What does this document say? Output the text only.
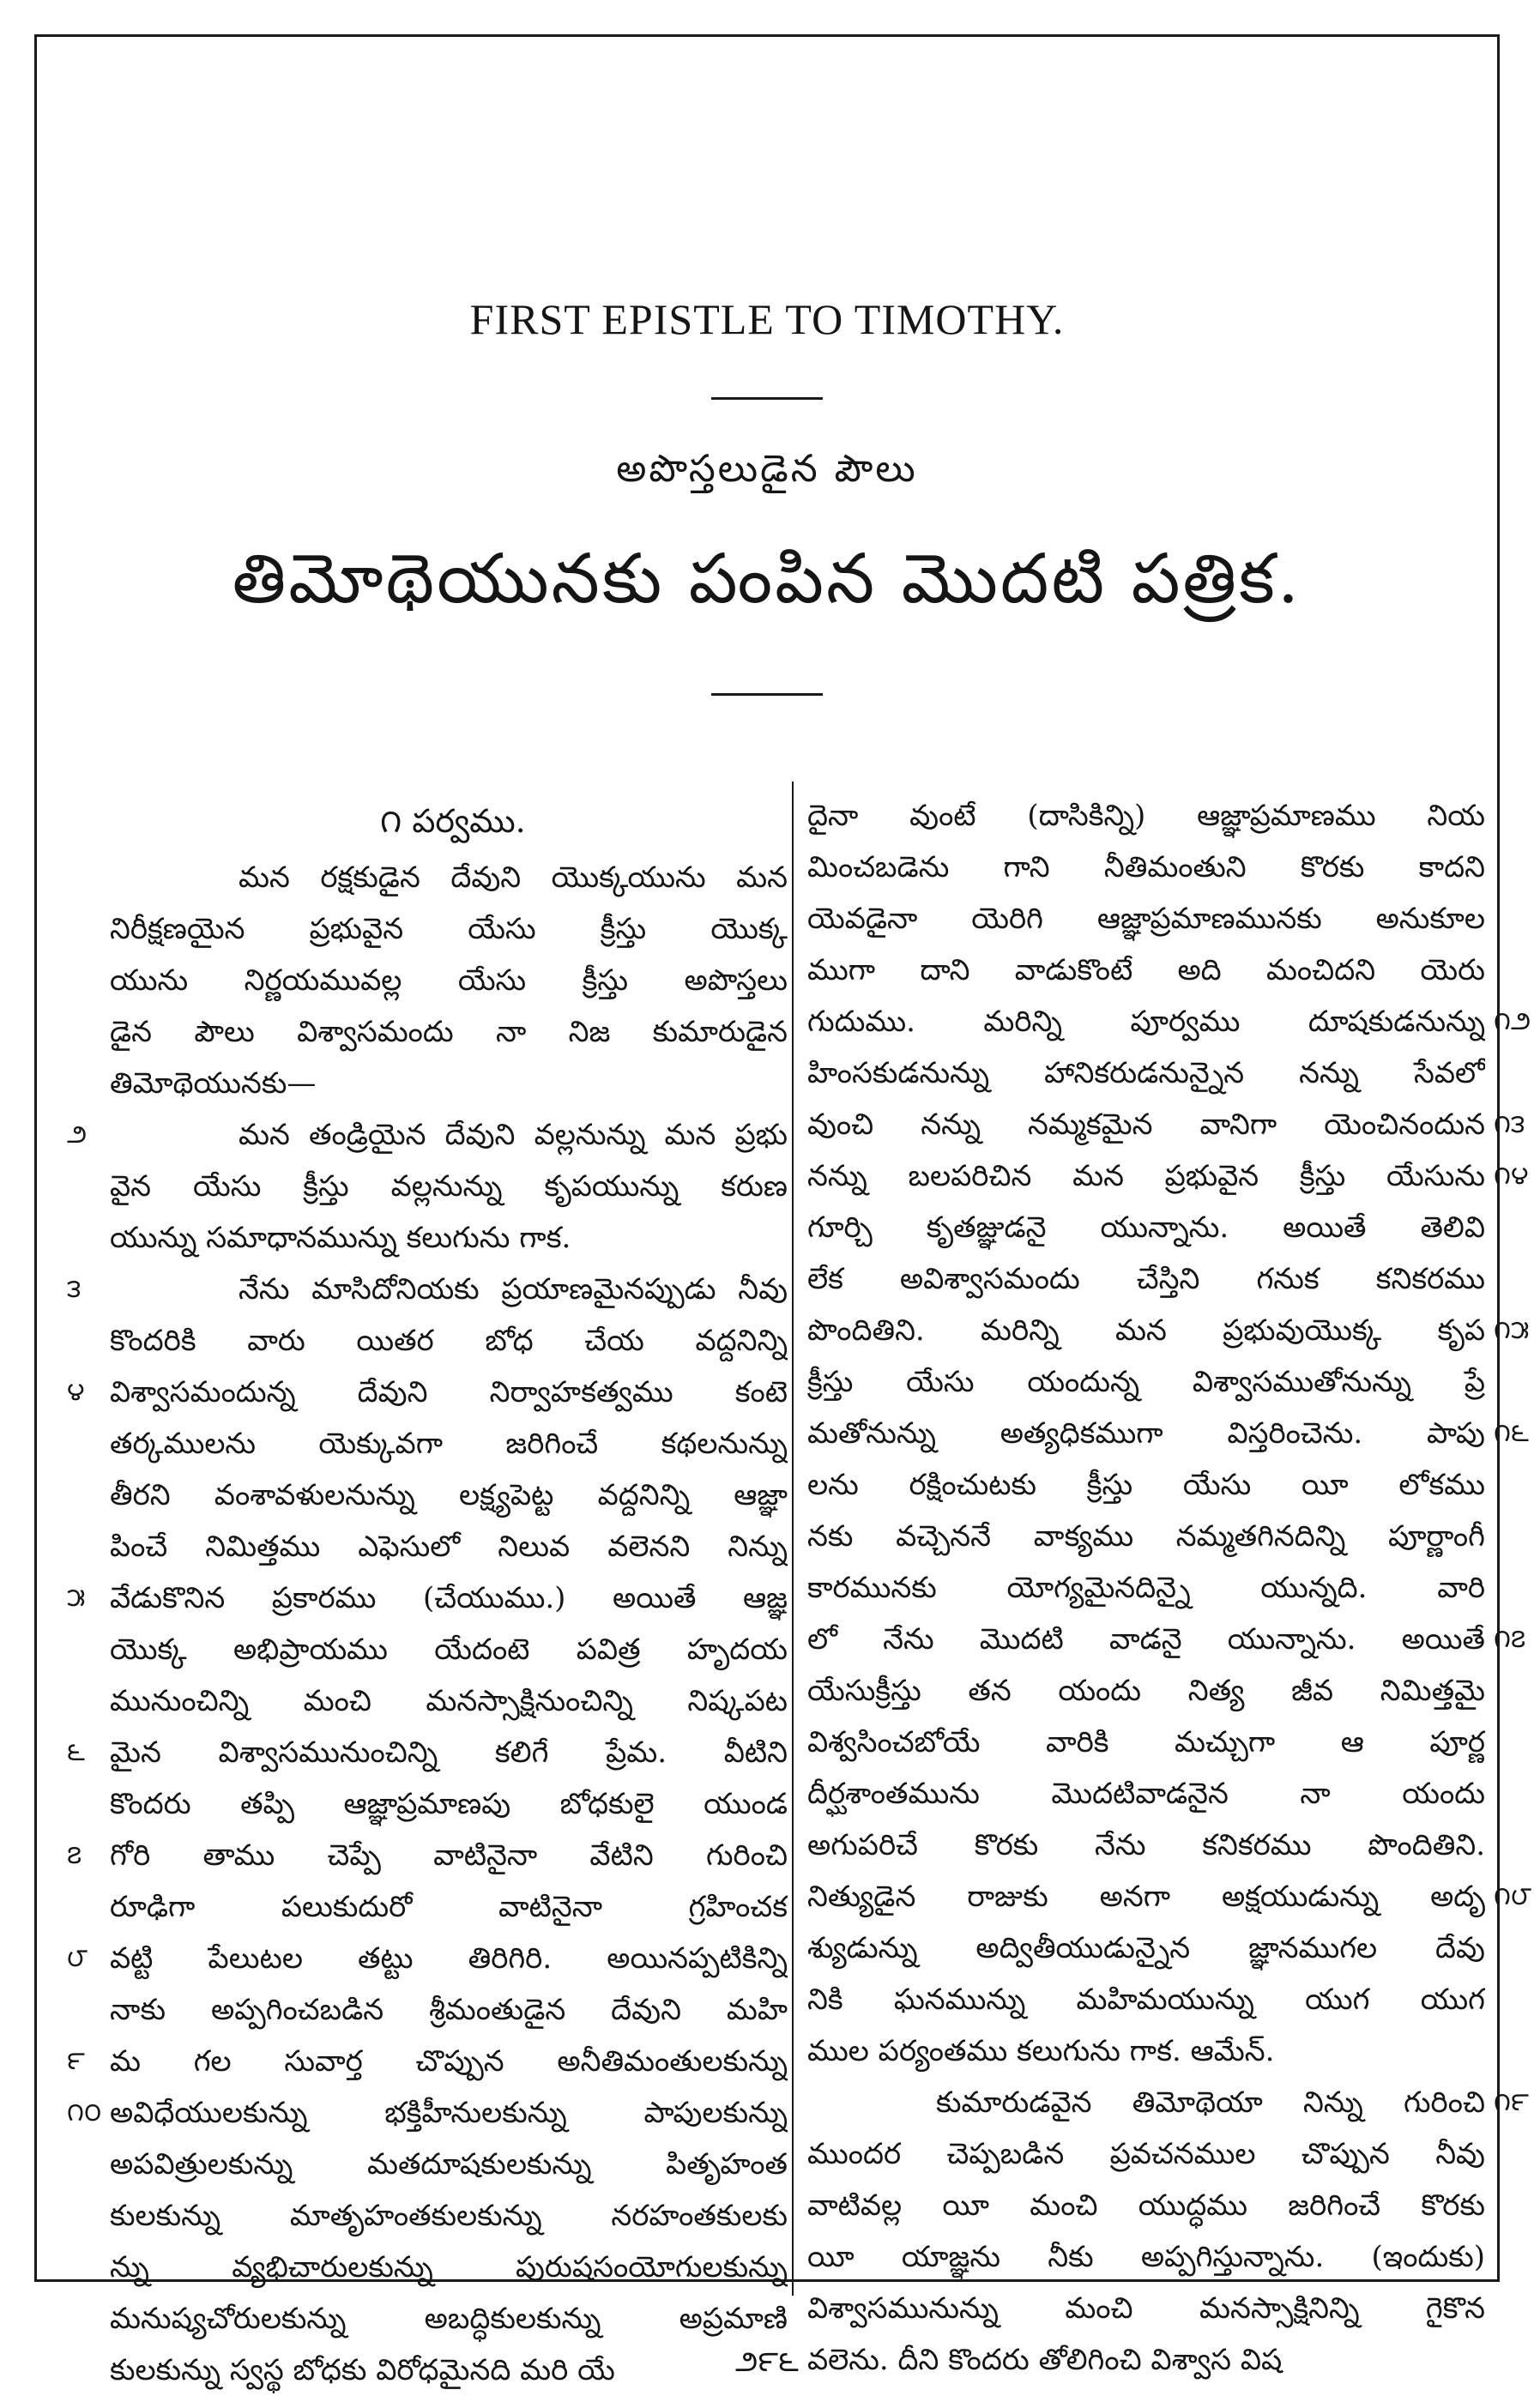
FIRST EPISTLE TO TIMOTHY.
అపొస్తలుడైన పౌలు
తిమోథెయునకు పంపిన మొదటి పత్రిక.
౧ పర్వము.
మన రక్షకుడైన దేవుని యొక్కయును మన
నిరీక్షణయైన ప్రభువైన యేసు క్రీస్తు యొక్క
యును నిర్ణయమువల్ల యేసు క్రీస్తు అపొస్తలు
డైన పౌలు విశ్వాసమందు నా నిజ కుమారుడైన
తిమోథెయునకు—
మన తండ్రియైన దేవుని వల్లనున్ను మన ప్రభు
వైన యేసు క్రీస్తు వల్లనున్ను కృపయున్ను కరుణ
యున్ను సమాధానమున్ను కలుగును గాక.
నేను మాసిదోనియకు ప్రయాణమైనప్పుడు నీవు
కొందరికి వారు యితర బోధ చేయ వద్దనిన్ని
విశ్వాసమందున్న దేవుని నిర్వాహకత్వము కంటె
తర్కములను యెక్కువగా జరిగించే కథలనున్ను
తీరని వంశావళులనున్ను లక్ష్యపెట్ట వద్దనిన్ని ఆజ్ఞా
పించే నిమిత్తము ఎఫెసులో నిలువ వలెనని నిన్ను
వేడుకొనిన ప్రకారము (చేయుము.) అయితే ఆజ్ఞ
యొక్క అభిప్రాయము యేదంటె పవిత్ర హృదయ
మునుంచిన్ని మంచి మనస్సాక్షినుంచిన్ని నిష్కపట
మైన విశ్వాసమునుంచిన్ని కలిగే ప్రేమ. వీటిని
కొందరు తప్పి ఆజ్ఞాప్రమాణపు బోధకులై యుండ
గోరి తాము చెప్పే వాటినైనా వేటిని గురించి
రూఢిగా పలుకుదురో వాటినైనా గ్రహించక
వట్టి పేలుటల తట్టు తిరిగిరి. అయినప్పటికిన్ని
నాకు అప్పగించబడిన శ్రీమంతుడైన దేవుని మహి
మ గల సువార్త చొప్పున అనీతిమంతులకున్ను
అవిధేయులకున్ను భక్తిహీనులకున్ను పాపులకున్ను
అపవిత్రులకున్ను మతదూషకులకున్ను పితృహంత
కులకున్ను మాతృహంతకులకున్ను నరహంతకులకు
న్ను వ్యభిచారులకున్ను పురుషసంయోగులకున్ను
మనుష్యచోరులకున్ను అబద్ధికులకున్ను అప్రమాణి
కులకున్ను స్వస్థ బోధకు విరోధమైనది మరి యే
౨
౩
౪
౫
౬
౭
౮
౯
౧౦
దైనా వుంటే (దాసికిన్ని) ఆజ్ఞాప్రమాణము నియ
మించబడెను గాని నీతిమంతుని కొరకు కాదని
యెవడైనా యెరిగి ఆజ్ఞాప్రమాణమునకు అనుకూల
ముగా దాని వాడుకొంటే అది మంచిదని యెరు
గుదుము. మరిన్ని పూర్వము దూషకుడనున్ను
హింసకుడనున్ను హానికరుడనున్నైన నన్ను సేవలో
వుంచి నన్ను నమ్మకమైన వానిగా యెంచినందున
నన్ను బలపరిచిన మన ప్రభువైన క్రీస్తు యేసును
గూర్చి కృతజ్ఞుడనై యున్నాను. అయితే తెలివి
లేక అవిశ్వాసమందు చేస్తిని గనుక కనికరము
పొందితిని. మరిన్ని మన ప్రభువుయొక్క కృప
క్రీస్తు యేసు యందున్న విశ్వాసముతోనున్ను ప్రే
మతోనున్ను అత్యధికముగా విస్తరించెను. పాపు
లను రక్షించుటకు క్రీస్తు యేసు యీ లోకము
నకు వచ్చెననే వాక్యము నమ్మతగినదిన్ని పూర్ణాంగీ
కారమునకు యోగ్యమైనదిన్నై యున్నది. వారి
లో నేను మొదటి వాడనై యున్నాను. అయితే
యేసుక్రీస్తు తన యందు నిత్య జీవ నిమిత్తమై
విశ్వసించబోయే వారికి మచ్చుగా ఆ పూర్ణ
దీర్ఘశాంతమును మొదటివాడనైన నా యందు
అగుపరిచే కొరకు నేను కనికరము పొందితిని.
నిత్యుడైన రాజుకు అనగా అక్షయుడున్ను అదృ
శ్యుడున్ను అద్వితీయుడున్నైన జ్ఞానముగల దేవు
నికి ఘనమున్ను మహిమయున్ను యుగ యుగ
ముల పర్యంతము కలుగును గాక. ఆమేన్.
కుమారుడవైన తిమోథెయా నిన్ను గురించి
ముందర చెప్పబడిన ప్రవచనముల చొప్పున నీవు
వాటివల్ల యీ మంచి యుద్ధము జరిగించే కొరకు
యీ యాజ్ఞను నీకు అప్పగిస్తున్నాను. (ఇందుకు)
విశ్వాసమునున్ను మంచి మనస్సాక్షినిన్ని గైకొన
వలెను. దీని కొందరు తోలిగించి విశ్వాస విష
౧౨
౧౩
౧౪
౧౫
౧౬
౧౭
౧౮
౧౯
౨౯౬
